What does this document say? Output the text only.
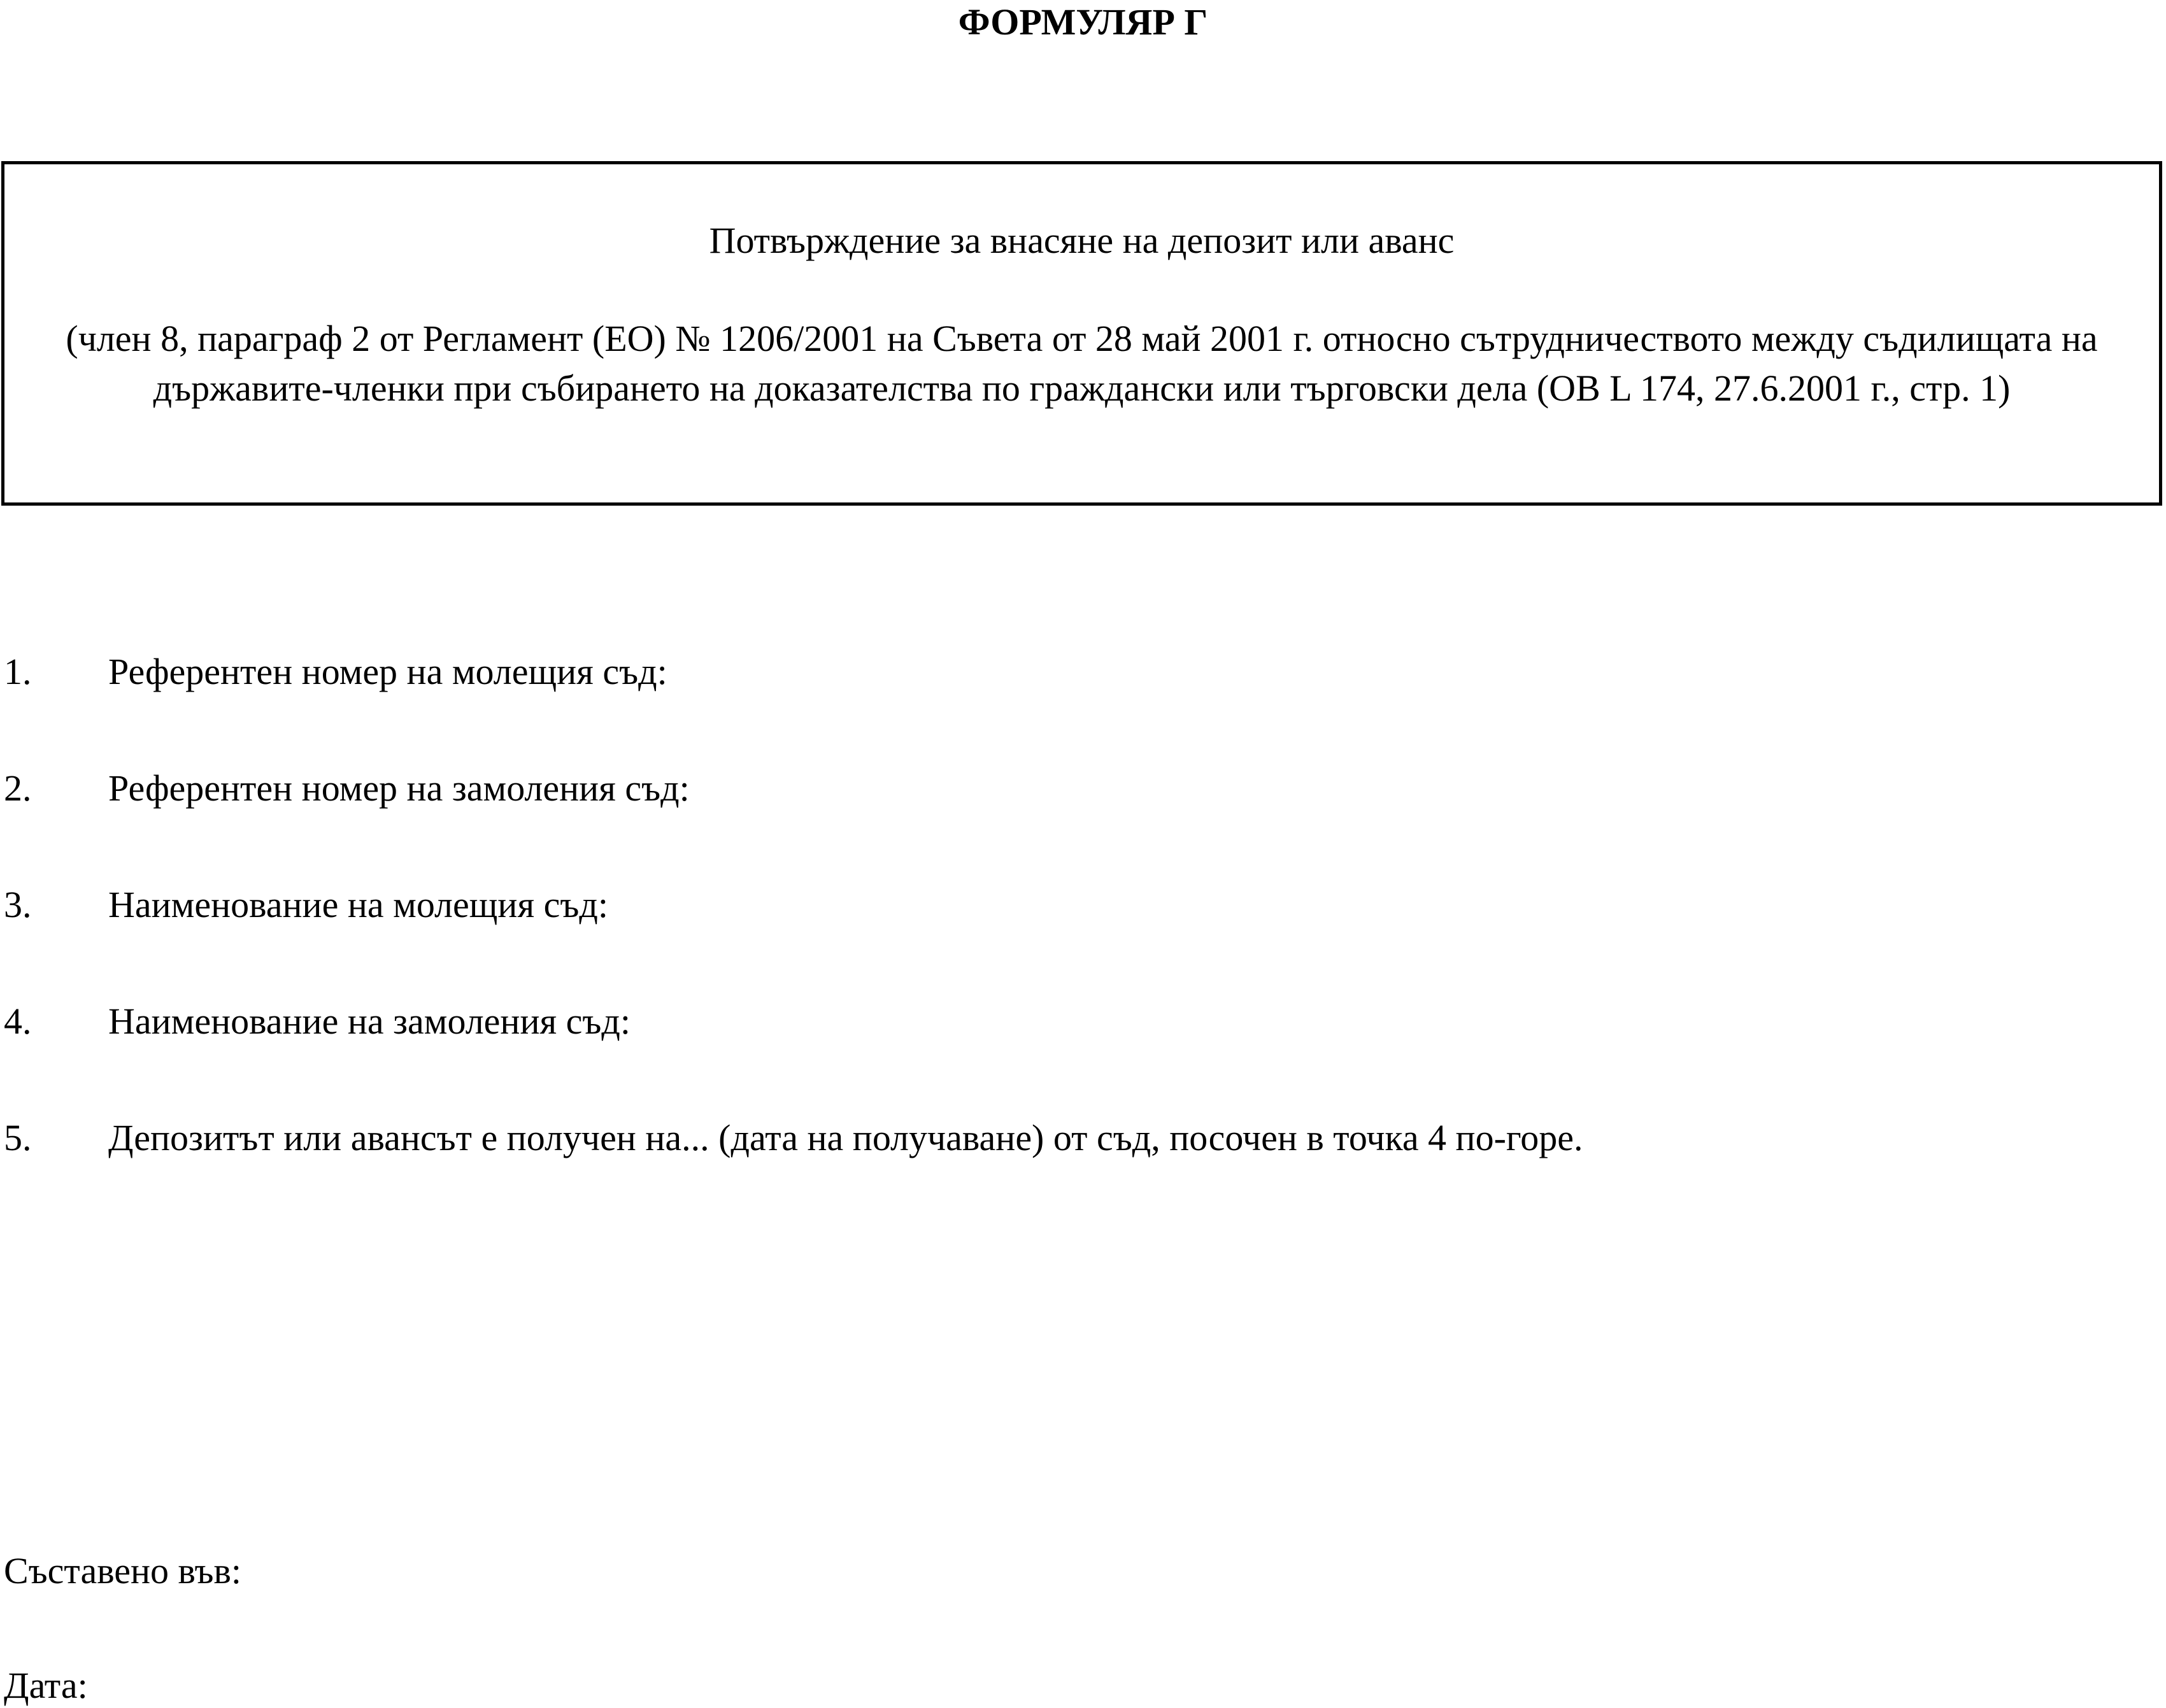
ФОРМУЛЯР Г
Потвърждение за внасяне на депозит или аванс
(член 8, параграф 2 от Регламент (ЕО) № 1206/2001 на Съвета от 28 май 2001 г. относно сътрудничеството между съдилищата на държавите-членки при събирането на доказателства по граждански или търговски дела (ОВ L 174, 27.6.2001 г., стр. 1)
1. Референтен номер на молещия съд:
2. Референтен номер на замоления съд:
3. Наименование на молещия съд:
4. Наименование на замоления съд:
5. Депозитът или авансът е получен на... (дата на получаване) от съд, посочен в точка 4 по-горе.
Съставено във:
Дата:
